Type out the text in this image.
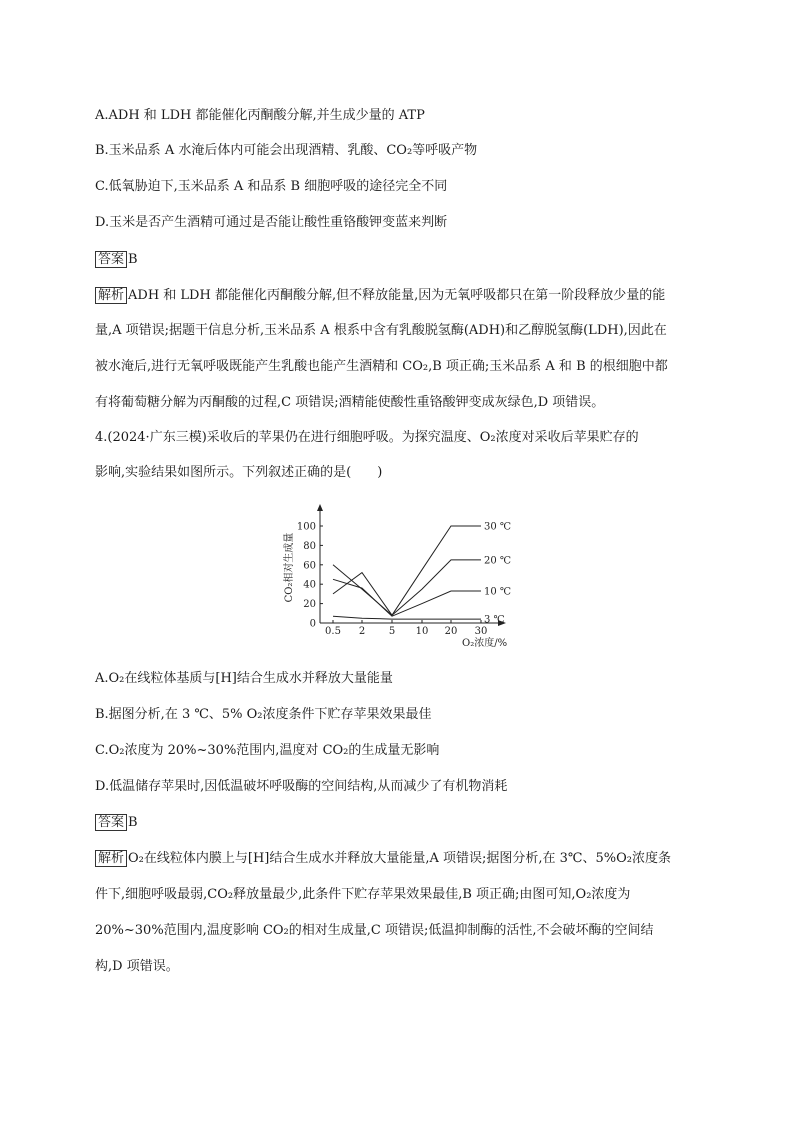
A.ADH 和 LDH 都能催化丙酮酸分解,并生成少量的 ATP
B.玉米品系 A 水淹后体内可能会出现酒精、乳酸、CO₂等呼吸产物
C.低氧胁迫下,玉米品系 A 和品系 B 细胞呼吸的途径完全不同
D.玉米是否产生酒精可通过是否能让酸性重铬酸钾变蓝来判断
答案 B
解析 ADH 和 LDH 都能催化丙酮酸分解,但不释放能量,因为无氧呼吸都只在第一阶段释放少量的能
量,A 项错误;据题干信息分析,玉米品系 A 根系中含有乳酸脱氢酶(ADH)和乙醇脱氢酶(LDH),因此在
被水淹后,进行无氧呼吸既能产生乳酸也能产生酒精和 CO₂,B 项正确;玉米品系 A 和 B 的根细胞中都
有将葡萄糖分解为丙酮酸的过程,C 项错误;酒精能使酸性重铬酸钾变成灰绿色,D 项错误。
4.(2024·广东三模)采收后的苹果仍在进行细胞呼吸。为探究温度、O₂浓度对采收后苹果贮存的
影响,实验结果如图所示。下列叙述正确的是(　　)
0
20
40
60
80
100
0.5 2 5 10 20 30
30 ℃
20 ℃
10 ℃
3 ℃
CO₂相对生成量
O₂浓度/%
A.O₂在线粒体基质与[H]结合生成水并释放大量能量
B.据图分析,在 3 ℃、5% O₂浓度条件下贮存苹果效果最佳
C.O₂浓度为 20%~30%范围内,温度对 CO₂的生成量无影响
D.低温储存苹果时,因低温破坏呼吸酶的空间结构,从而减少了有机物消耗
答案 B
解析 O₂在线粒体内膜上与[H]结合生成水并释放大量能量,A 项错误;据图分析,在 3℃、5%O₂浓度条
件下,细胞呼吸最弱,CO₂释放量最少,此条件下贮存苹果效果最佳,B 项正确;由图可知,O₂浓度为
20%~30%范围内,温度影响 CO₂的相对生成量,C 项错误;低温抑制酶的活性,不会破坏酶的空间结
构,D 项错误。
